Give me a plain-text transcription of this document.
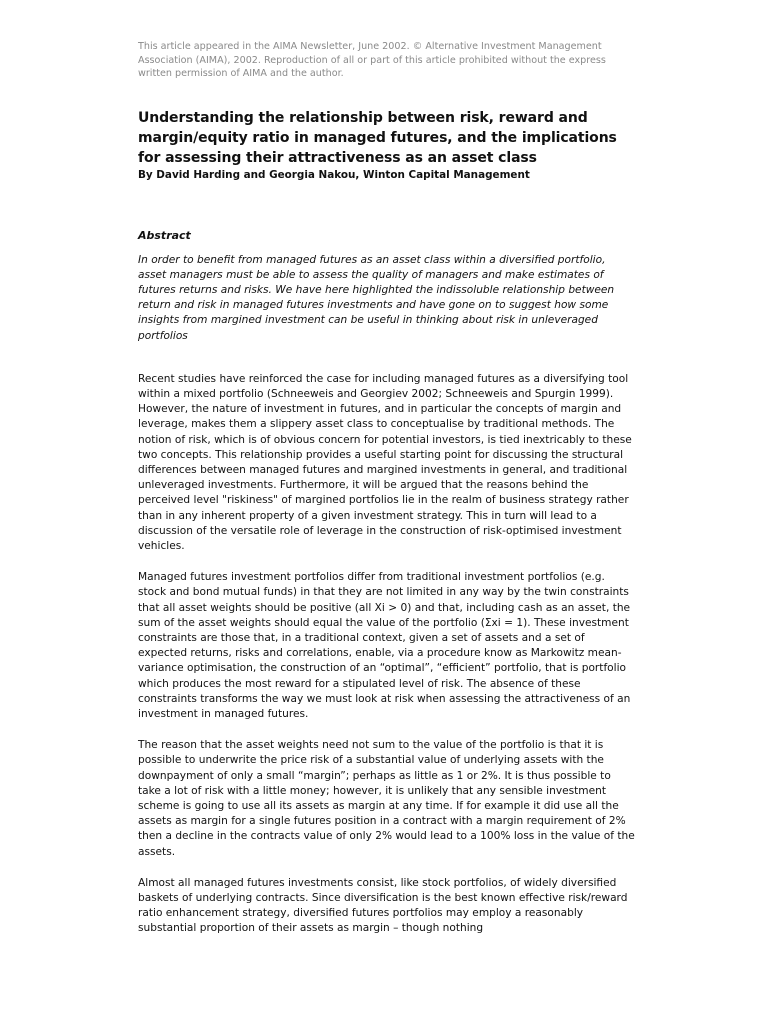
This article appeared in the AIMA Newsletter, June 2002. © Alternative Investment Management Association (AIMA), 2002. Reproduction of all or part of this article prohibited without the express written permission of AIMA and the author.

Understanding the relationship between risk, reward and margin/equity ratio in managed futures, and the implications for assessing their attractiveness as an asset class

By David Harding and Georgia Nakou, Winton Capital Management

Abstract

In order to benefit from managed futures as an asset class within a diversified portfolio, asset managers must be able to assess the quality of managers and make estimates of futures returns and risks. We have here highlighted the indissoluble relationship between return and risk in managed futures investments and have gone on to suggest how some insights from margined investment can be useful in thinking about risk in unleveraged portfolios

Recent studies have reinforced the case for including managed futures as a diversifying tool within a mixed portfolio (Schneeweis and Georgiev 2002; Schneeweis and Spurgin 1999). However, the nature of investment in futures, and in particular the concepts of margin and leverage, makes them a slippery asset class to conceptualise by traditional methods. The notion of risk, which is of obvious concern for potential investors, is tied inextricably to these two concepts. This relationship provides a useful starting point for discussing the structural differences between managed futures and margined investments in general, and traditional unleveraged investments. Furthermore, it will be argued that the reasons behind the perceived level "riskiness" of margined portfolios lie in the realm of business strategy rather than in any inherent property of a given investment strategy. This in turn will lead to a discussion of the versatile role of leverage in the construction of risk-optimised investment vehicles.

Managed futures investment portfolios differ from traditional investment portfolios (e.g. stock and bond mutual funds) in that they are not limited in any way by the twin constraints that all asset weights should be positive (all Xi > 0) and that, including cash as an asset, the sum of the asset weights should equal the value of the portfolio (Σxi = 1). These investment constraints are those that, in a traditional context, given a set of assets and a set of expected returns, risks and correlations, enable, via a procedure know as Markowitz mean-variance optimisation, the construction of an “optimal”, “efficient” portfolio, that is portfolio which produces the most reward for a stipulated level of risk. The absence of these constraints transforms the way we must look at risk when assessing the attractiveness of an investment in managed futures.

The reason that the asset weights need not sum to the value of the portfolio is that it is possible to underwrite the price risk of a substantial value of underlying assets with the downpayment of only a small “margin”; perhaps as little as 1 or 2%. It is thus possible to take a lot of risk with a little money; however, it is unlikely that any sensible investment scheme is going to use all its assets as margin at any time. If for example it did use all the assets as margin for a single futures position in a contract with a margin requirement of 2% then a decline in the contracts value of only 2% would lead to a 100% loss in the value of the assets.

Almost all managed futures investments consist, like stock portfolios, of widely diversified baskets of underlying contracts. Since diversification is the best known effective risk/reward ratio enhancement strategy, diversified futures portfolios may employ a reasonably substantial proportion of their assets as margin – though nothing
